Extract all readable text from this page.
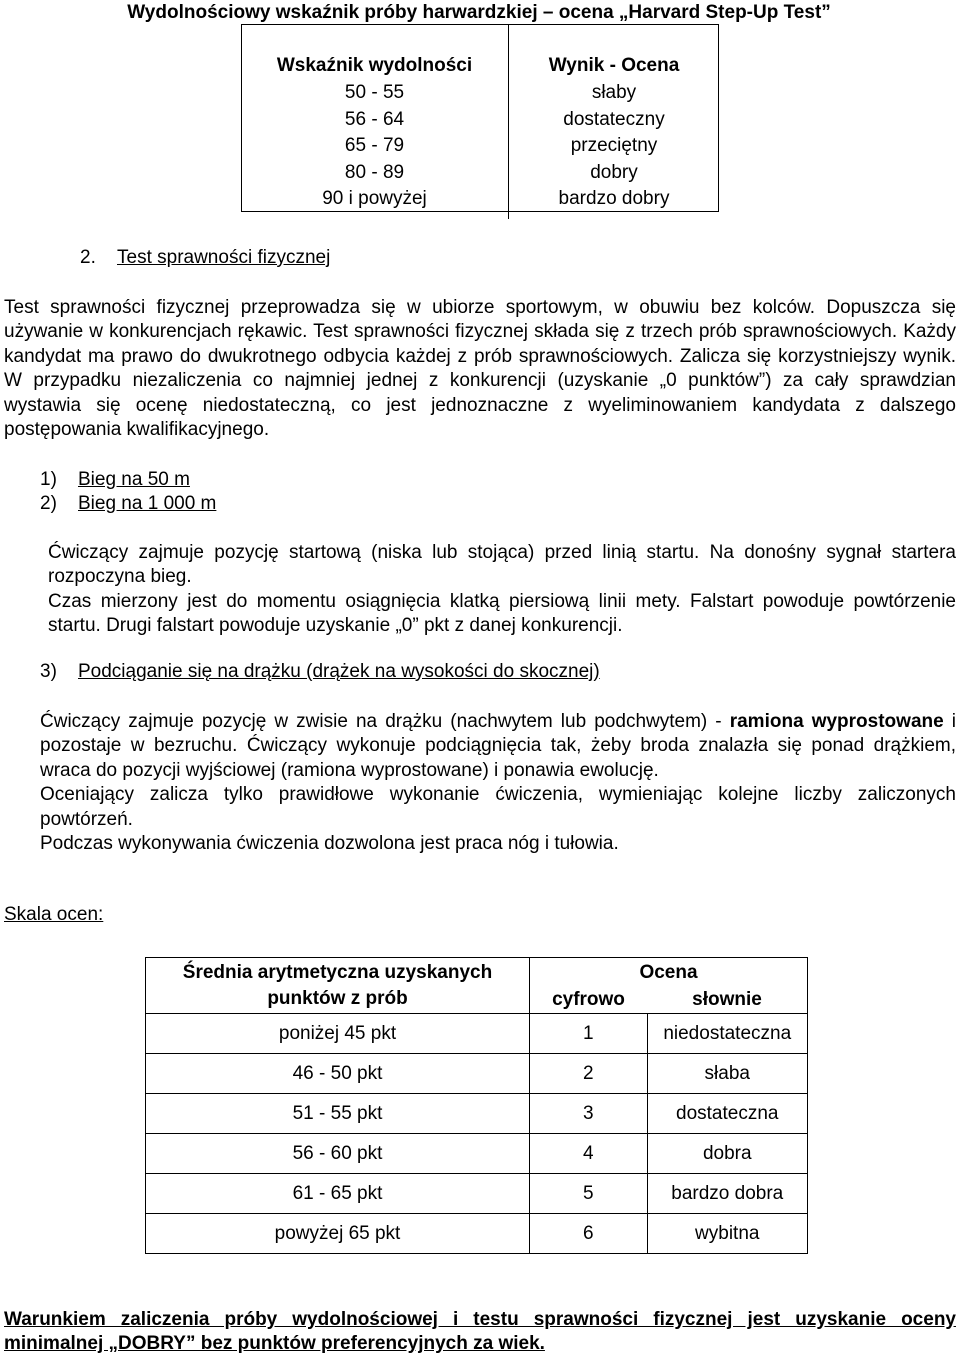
Wydolnościowy wskaźnik próby harwardzkiej – ocena „Harvard Step-Up Test”
Wskaźnik wydolności	Wynik - Ocena
50 - 55	słaby
56 - 64	dostateczny
65 - 79	przeciętny
80 - 89	dobry
90 i powyżej	bardzo dobry
2. Test sprawności fizycznej
Test sprawności fizycznej przeprowadza się w ubiorze sportowym, w obuwiu bez kolców. Dopuszcza się używanie w konkurencjach rękawic. Test sprawności fizycznej składa się z trzech prób sprawnościowych. Każdy kandydat ma prawo do dwukrotnego odbycia każdej z prób sprawnościowych. Zalicza się korzystniejszy wynik. W przypadku niezaliczenia co najmniej jednej z konkurencji (uzyskanie „0 punktów”) za cały sprawdzian wystawia się ocenę niedostateczną, co jest jednoznaczne z wyeliminowaniem kandydata z dalszego postępowania kwalifikacyjnego.
1) Bieg na 50 m
2) Bieg na 1 000 m
Ćwiczący zajmuje pozycję startową (niska lub stojąca) przed linią startu. Na donośny sygnał startera rozpoczyna bieg.
Czas mierzony jest do momentu osiągnięcia klatką piersiową linii mety. Falstart powoduje powtórzenie startu. Drugi falstart powoduje uzyskanie „0” pkt z danej konkurencji.
3) Podciąganie się na drążku (drążek na wysokości do skocznej)
Ćwiczący zajmuje pozycję w zwisie na drążku (nachwytem lub podchwytem) - ramiona wyprostowane i pozostaje w bezruchu. Ćwiczący wykonuje podciągnięcia tak, żeby broda znalazła się ponad drążkiem, wraca do pozycji wyjściowej (ramiona wyprostowane) i ponawia ewolucję.
Oceniający zalicza tylko prawidłowe wykonanie ćwiczenia, wymieniając kolejne liczby zaliczonych powtórzeń.
Podczas wykonywania ćwiczenia dozwolona jest praca nóg i tułowia.
Skala ocen:
Średnia arytmetyczna uzyskanych punktów z prób	Ocena	
	cyfrowo	słownie
poniżej 45 pkt	1	niedostateczna
46 - 50 pkt	2	słaba
51 - 55 pkt	3	dostateczna
56 - 60 pkt	4	dobra
61 - 65 pkt	5	bardzo dobra
powyżej 65 pkt	6	wybitna
Warunkiem zaliczenia próby wydolnościowej i testu sprawności fizycznej jest uzyskanie oceny minimalnej „DOBRY” bez punktów preferencyjnych za wiek.
